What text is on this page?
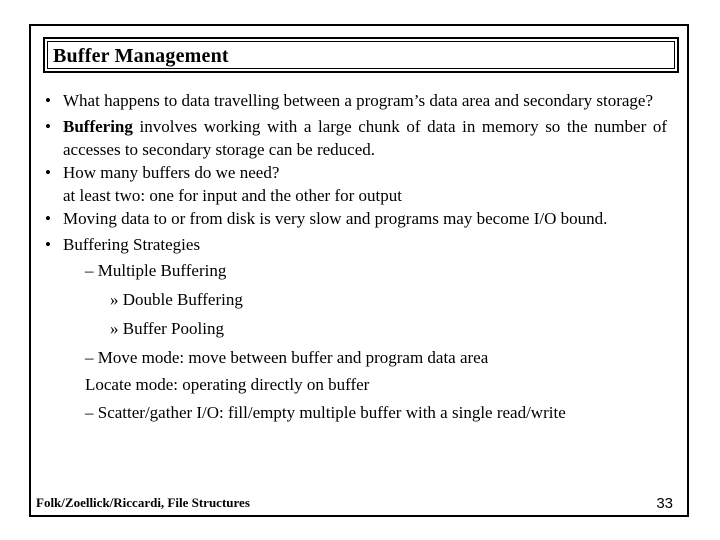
Buffer Management
• What happens to data travelling between a program’s data area and secondary storage?
• Buffering involves working with a large chunk of data in memory so the number of accesses to secondary storage can be reduced.
• How many buffers do we need?
at least two: one for input and the other for output
• Moving data to or from disk is very slow and programs may become I/O bound.
• Buffering Strategies
– Multiple Buffering
» Double Buffering
» Buffer Pooling
– Move mode: move between buffer and program data area
Locate mode: operating directly on buffer
– Scatter/gather I/O: fill/empty multiple buffer with a single read/write
Folk/Zoellick/Riccardi, File Structures	33
